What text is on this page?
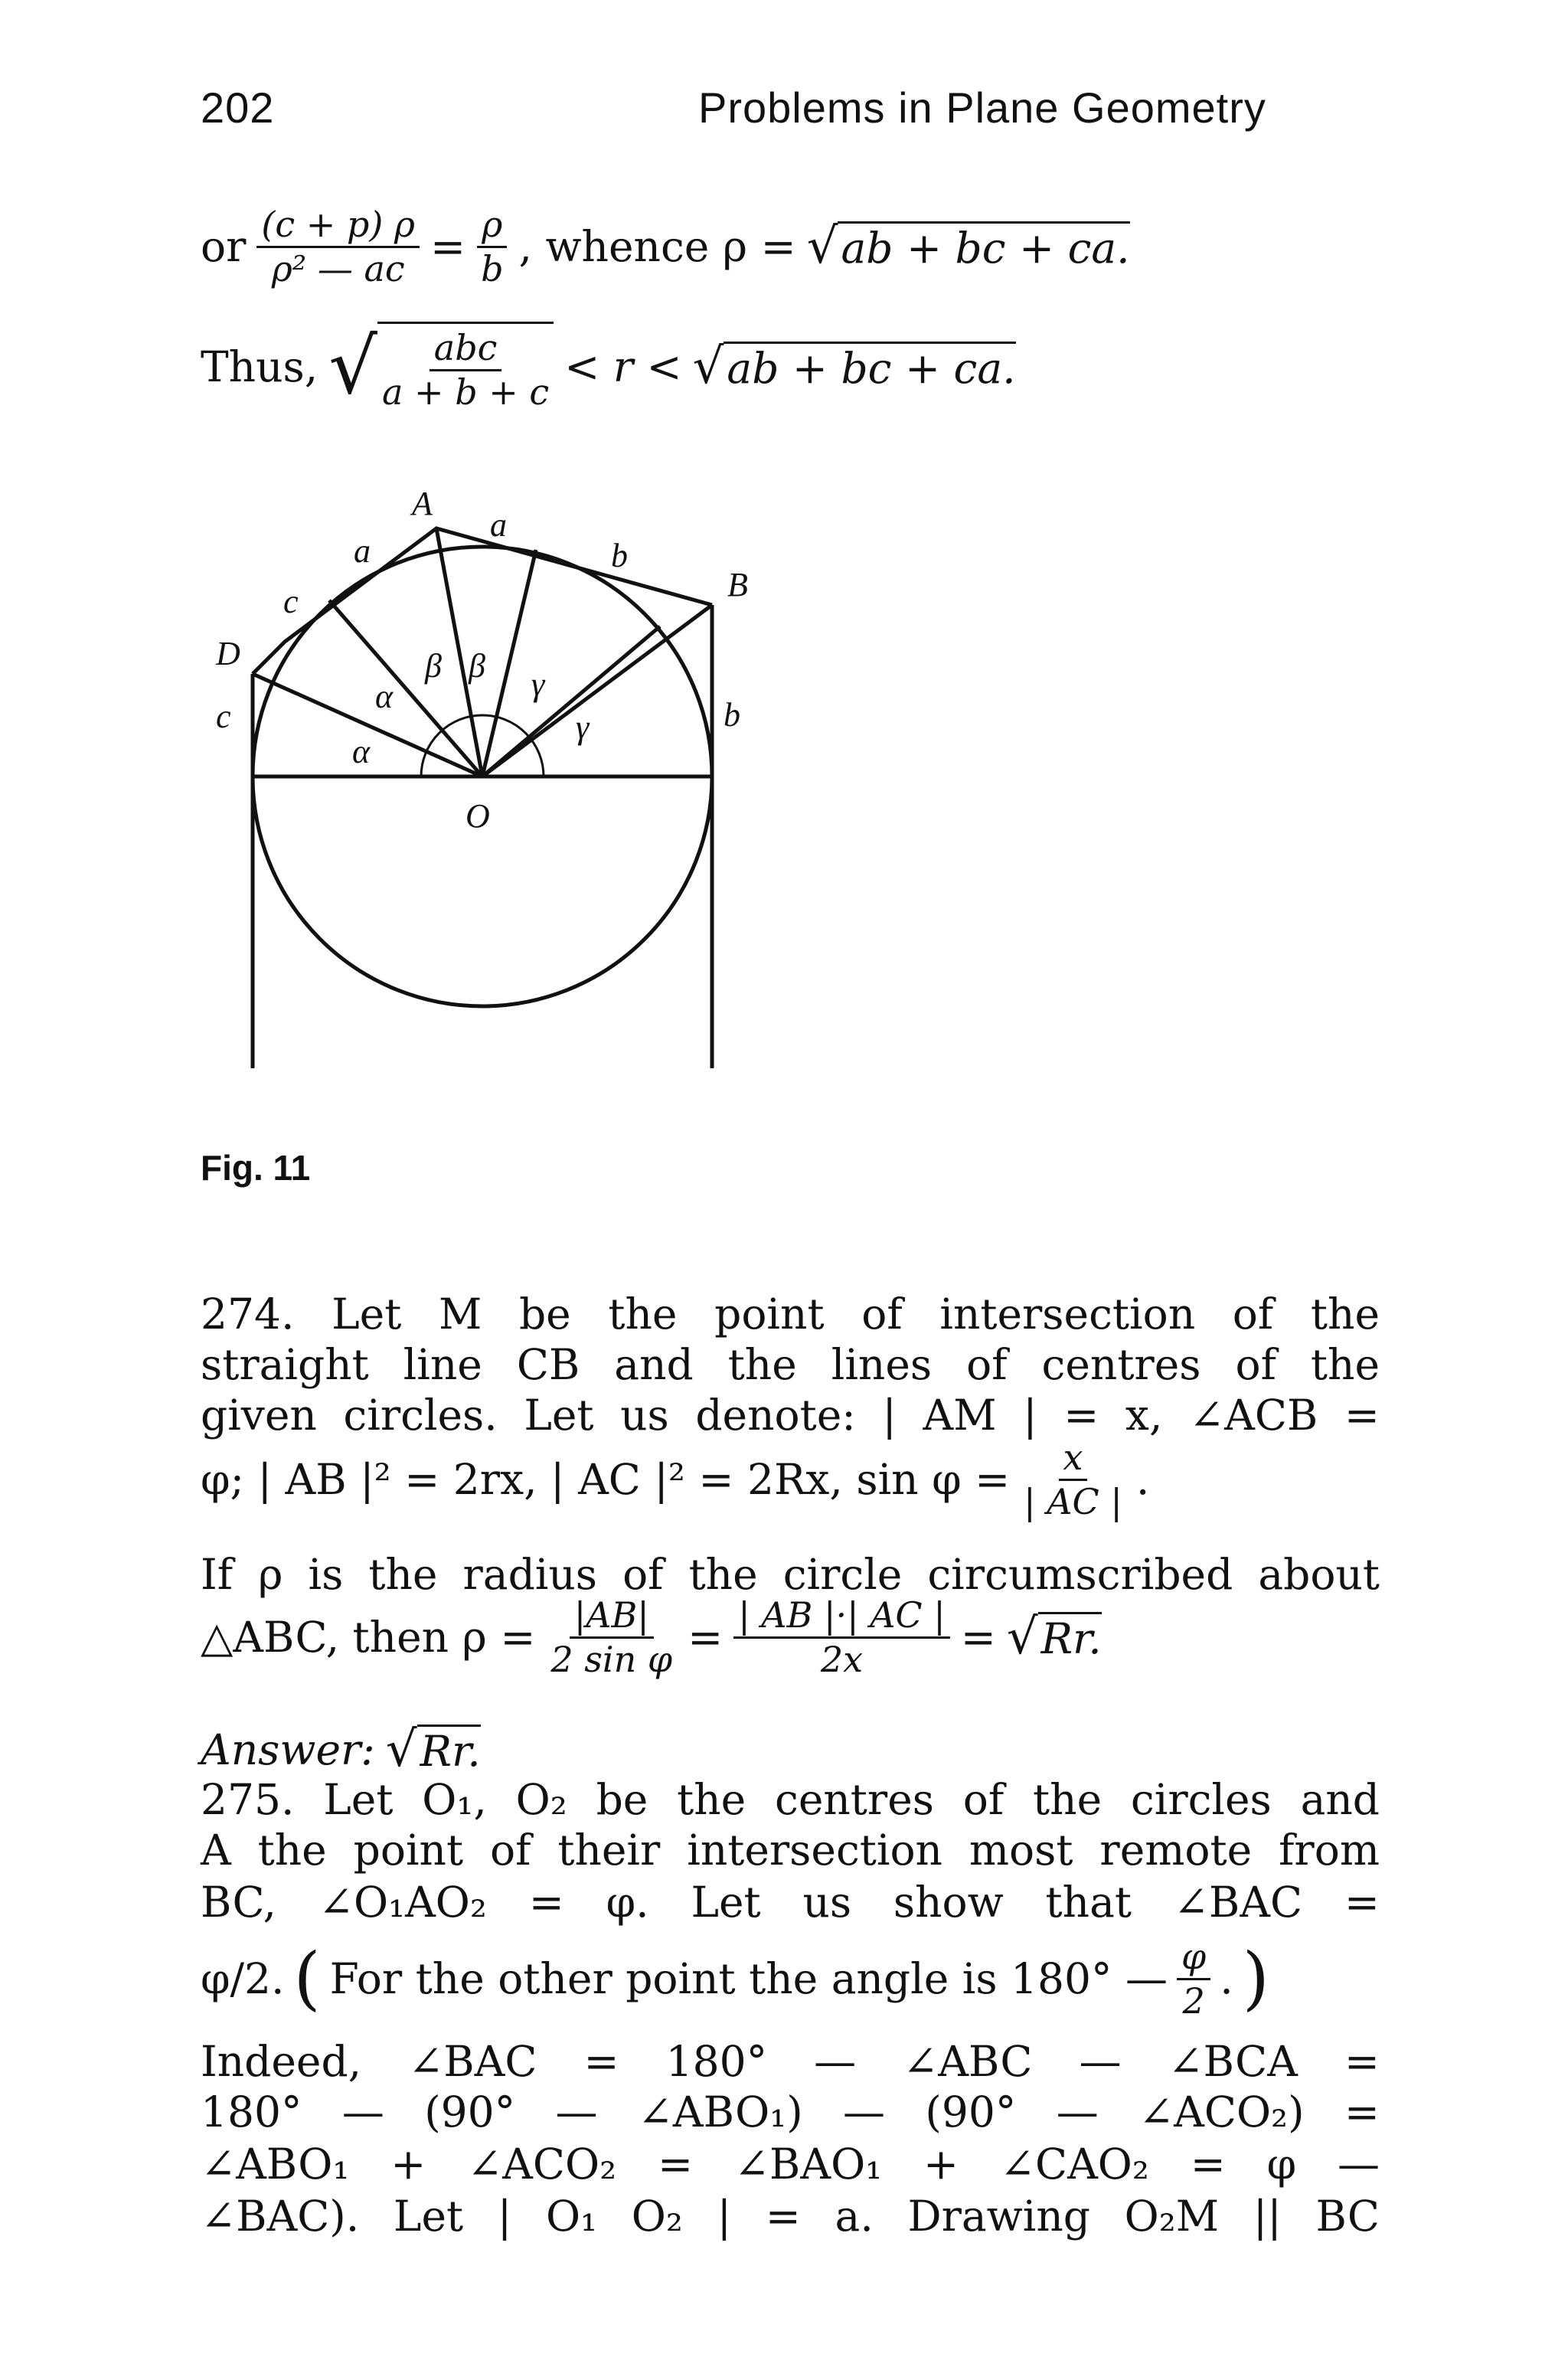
202	Problems in Plane Geometry
or $\frac{(c + p) \rho}{\text{ρ² — ac}} = \frac{\rho}{b}$ , whence ρ = √ab + bc + ca.
Thus, √ $\frac{\text{abc}}{a + b + c} < r < √ab$ + bc + ca.
A
a
a
b
B
c
D
c	b
α
α
β β γ
γ
O
Fig. 11
274. Let M be the point of intersection of the
straight line CB and the lines of centres of the
given circles. Let us denote: | AM | = x, ∠ACB =
φ; | AB |² = 2rx, | AC |² = 2Rx, $\sin \varphi = \frac{x}{| AC |}$ .
If ρ is the radius of the circle circumscribed about
△ABC, then $\rho = \frac{|AB|}{\text{2 sin φ}} = \frac{| AB |\cdot| AC |}{2x} = √Rr$.
Answer: √Rr.
275. Let O₁, O₂ be the centres of the circles and
A the point of their intersection most remote from
BC, ∠O₁AO₂ = φ. Let us show that ∠BAC =
φ/2. ( For the other point the angle is 180° — $\frac{\varphi}{2}$ . )
Indeed, ∠BAC = 180° — ∠ABC — ∠BCA =
180° — (90° — ∠ABO₁) — (90° — ∠ACO₂) =
∠ABO₁ + ∠ACO₂ = ∠BAO₁ + ∠CAO₂ = φ —
∠BAC). Let | O₁ O₂ | = a. Drawing O₂M || BC
